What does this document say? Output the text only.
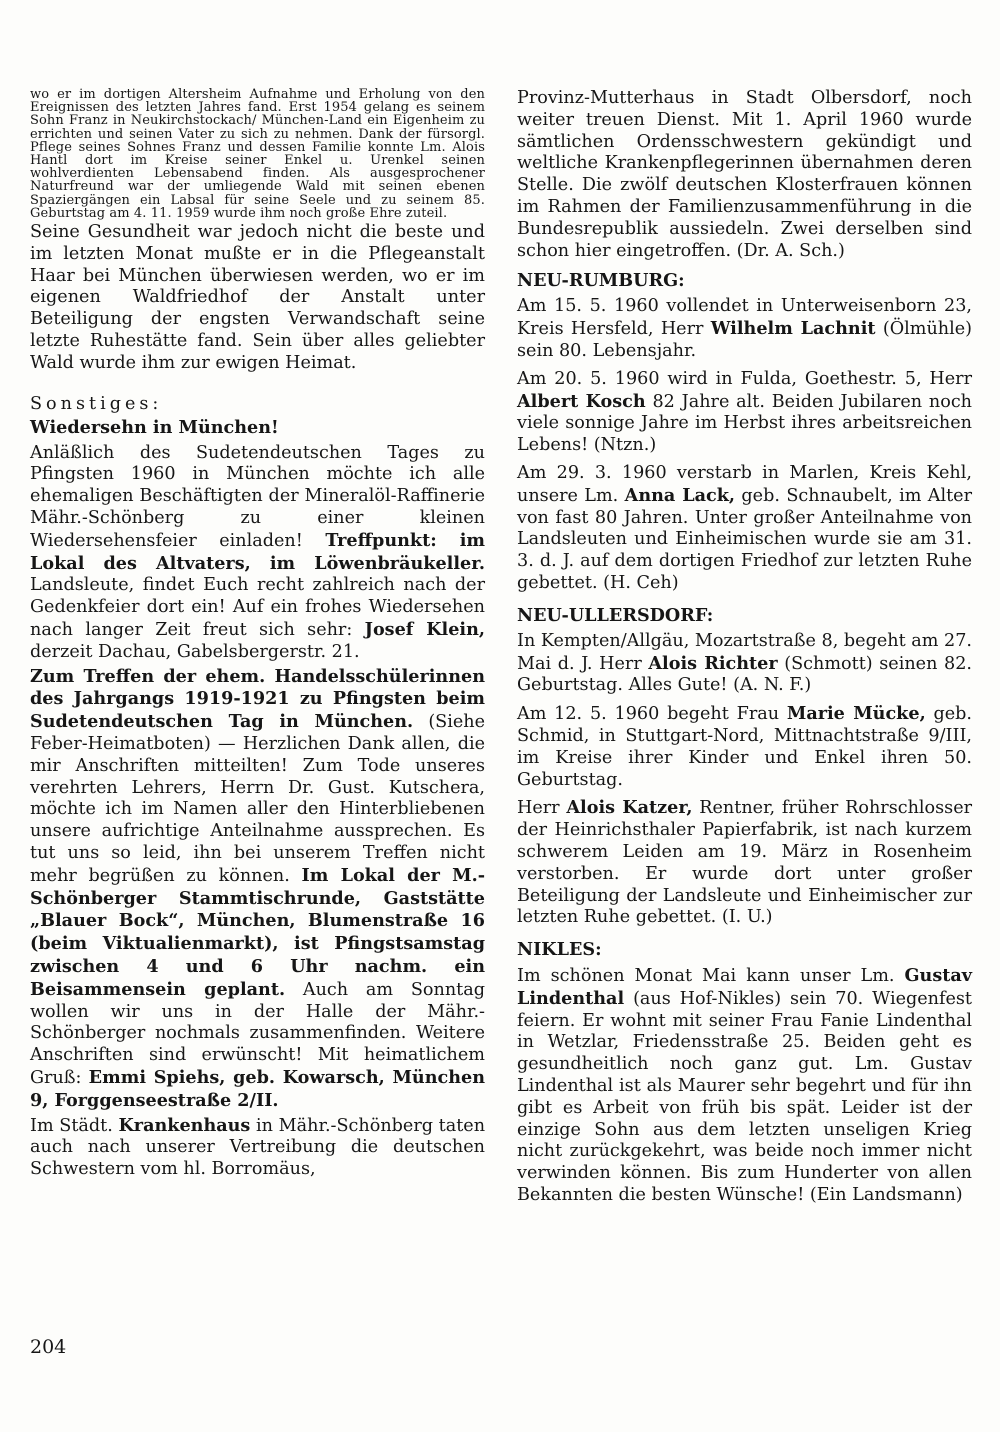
wo er im dortigen Altersheim Aufnahme und Erholung von den Ereignissen des letzten Jahres fand. Erst 1954 gelang es seinem Sohn Franz in Neukirchstockach/ München-Land ein Eigenheim zu errichten und seinen Vater zu sich zu nehmen. Dank der fürsorgl. Pflege seines Sohnes Franz und dessen Familie konnte Lm. Alois Hantl dort im Kreise seiner Enkel u. Urenkel seinen wohlverdienten Lebensabend finden. Als ausgesprochener Naturfreund war der umliegende Wald mit seinen ebenen Spaziergängen ein Labsal für seine Seele und zu seinem 85. Geburtstag am 4. 11. 1959 wurde ihm noch große Ehre zuteil.

Seine Gesundheit war jedoch nicht die beste und im letzten Monat mußte er in die Pflegeanstalt Haar bei München überwiesen werden, wo er im eigenen Waldfriedhof der Anstalt unter Beteiligung der engsten Verwandschaft seine letzte Ruhestätte fand. Sein über alles geliebter Wald wurde ihm zur ewigen Heimat.

Sonstiges:
Wiedersehn in München!

Anläßlich des Sudetendeutschen Tages zu Pfingsten 1960 in München möchte ich alle ehemaligen Beschäftigten der Mineralöl-Raffinerie Mähr.-Schönberg zu einer kleinen Wiedersehensfeier einladen! Treffpunkt: im Lokal des Altvaters, im Löwenbräukeller. Landsleute, findet Euch recht zahlreich nach der Gedenkfeier dort ein! Auf ein frohes Wiedersehen nach langer Zeit freut sich sehr: Josef Klein, derzeit Dachau, Gabelsbergerstr. 21.

Zum Treffen der ehem. Handelsschülerinnen des Jahrgangs 1919-1921 zu Pfingsten beim Sudetendeutschen Tag in München. (Siehe Feber-Heimatboten) — Herzlichen Dank allen, die mir Anschriften mitteilten! Zum Tode unseres verehrten Lehrers, Herrn Dr. Gust. Kutschera, möchte ich im Namen aller den Hinterbliebenen unsere aufrichtige Anteilnahme aussprechen. Es tut uns so leid, ihn bei unserem Treffen nicht mehr begrüßen zu können. Im Lokal der M.-Schönberger Stammtischrunde, Gaststätte „Blauer Bock“, München, Blumenstraße 16 (beim Viktualienmarkt), ist Pfingstsamstag zwischen 4 und 6 Uhr nachm. ein Beisammensein geplant. Auch am Sonntag wollen wir uns in der Halle der Mähr.-Schönberger nochmals zusammenfinden. Weitere Anschriften sind erwünscht! Mit heimatlichem Gruß: Emmi Spiehs, geb. Kowarsch, München 9, Forggenseestraße 2/II.

Im Städt. Krankenhaus in Mähr.-Schönberg taten auch nach unserer Vertreibung die deutschen Schwestern vom hl. Borromäus,

Provinz-Mutterhaus in Stadt Olbersdorf, noch weiter treuen Dienst. Mit 1. April 1960 wurde sämtlichen Ordensschwestern gekündigt und weltliche Krankenpflegerinnen übernahmen deren Stelle. Die zwölf deutschen Klosterfrauen können im Rahmen der Familienzusammenführung in die Bundesrepublik aussiedeln. Zwei derselben sind schon hier eingetroffen. (Dr. A. Sch.)

NEU-RUMBURG:

Am 15. 5. 1960 vollendet in Unterweisenborn 23, Kreis Hersfeld, Herr Wilhelm Lachnit (Ölmühle) sein 80. Lebensjahr.

Am 20. 5. 1960 wird in Fulda, Goethestr. 5, Herr Albert Kosch 82 Jahre alt. Beiden Jubilaren noch viele sonnige Jahre im Herbst ihres arbeitsreichen Lebens! (Ntzn.)

Am 29. 3. 1960 verstarb in Marlen, Kreis Kehl, unsere Lm. Anna Lack, geb. Schnaubelt, im Alter von fast 80 Jahren. Unter großer Anteilnahme von Landsleuten und Einheimischen wurde sie am 31. 3. d. J. auf dem dortigen Friedhof zur letzten Ruhe gebettet. (H. Ceh)

NEU-ULLERSDORF:

In Kempten/Allgäu, Mozartstraße 8, begeht am 27. Mai d. J. Herr Alois Richter (Schmott) seinen 82. Geburtstag. Alles Gute! (A. N. F.)

Am 12. 5. 1960 begeht Frau Marie Mücke, geb. Schmid, in Stuttgart-Nord, Mittnachtstraße 9/III, im Kreise ihrer Kinder und Enkel ihren 50. Geburtstag.

Herr Alois Katzer, Rentner, früher Rohrschlosser der Heinrichsthaler Papierfabrik, ist nach kurzem schwerem Leiden am 19. März in Rosenheim verstorben. Er wurde dort unter großer Beteiligung der Landsleute und Einheimischer zur letzten Ruhe gebettet. (I. U.)

NIKLES:

Im schönen Monat Mai kann unser Lm. Gustav Lindenthal (aus Hof-Nikles) sein 70. Wiegenfest feiern. Er wohnt mit seiner Frau Fanie Lindenthal in Wetzlar, Friedensstraße 25. Beiden geht es gesundheitlich noch ganz gut. Lm. Gustav Lindenthal ist als Maurer sehr begehrt und für ihn gibt es Arbeit von früh bis spät. Leider ist der einzige Sohn aus dem letzten unseligen Krieg nicht zurückgekehrt, was beide noch immer nicht verwinden können. Bis zum Hunderter von allen Bekannten die besten Wünsche! (Ein Landsmann)

204
